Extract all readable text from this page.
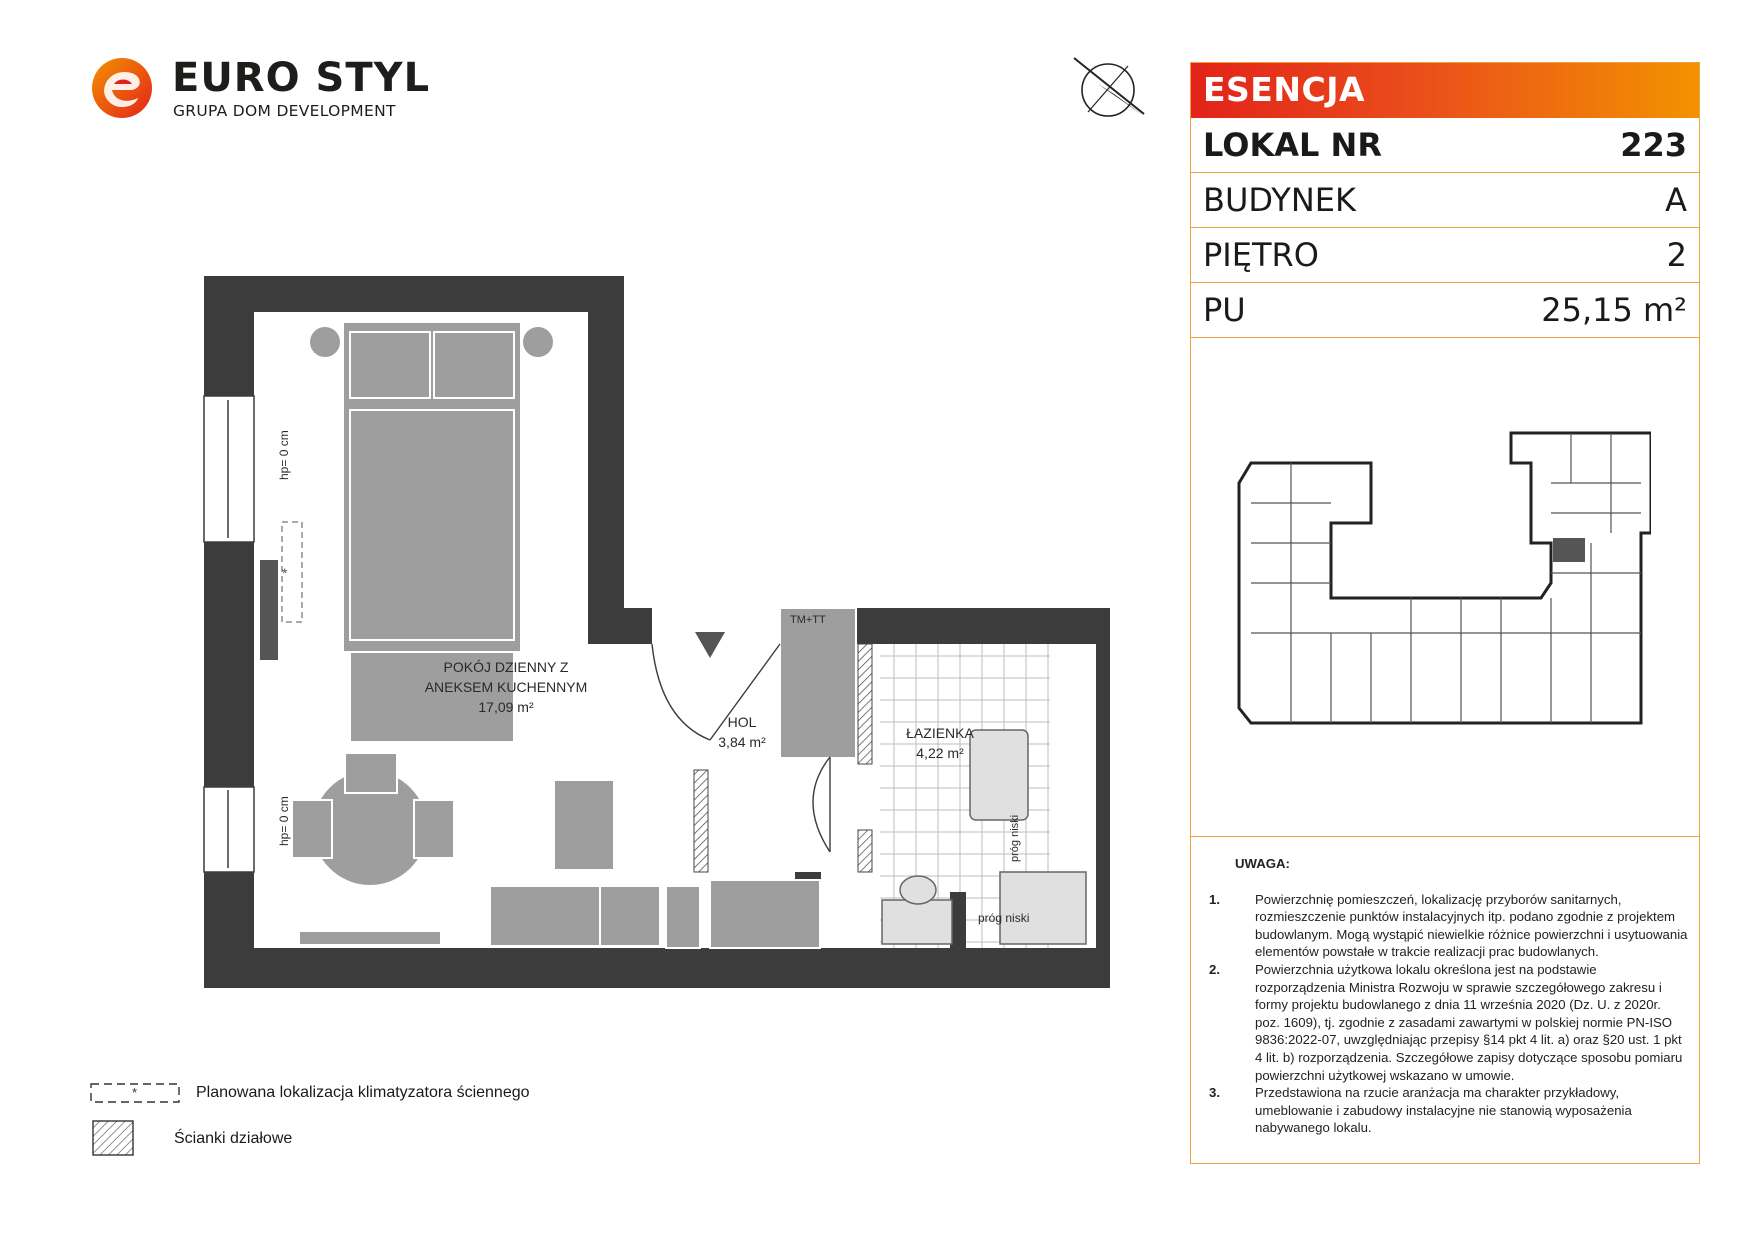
EURO STYL
GRUPA DOM DEVELOPMENT
ESENCJA
LOKAL NR	223
BUDYNEK	A
PIĘTRO	2
PU	25,15 m²
UWAGA:
1.	Powierzchnię pomieszczeń, lokalizację przyborów sanitarnych, rozmieszczenie punktów instalacyjnych itp. podano zgodnie z projektem budowlanym. Mogą wystąpić niewielkie różnice powierzchni i usytuowania elementów powstałe w trakcie realizacji prac budowlanych.
2.	Powierzchnia użytkowa lokalu określona jest na podstawie rozporządzenia Ministra Rozwoju w sprawie szczegółowego zakresu i formy projektu budowlanego z dnia 11 września 2020 (Dz. U. z 2020r. poz. 1609), tj. zgodnie z zasadami zawartymi w polskiej normie PN-ISO 9836:2022-07, uwzględniając przepisy §14 pkt 4 lit. a) oraz §20 ust. 1 pkt 4 lit. b) rozporządzenia. Szczegółowe zapisy dotyczące sposobu pomiaru powierzchni użytkowej wskazano w umowie.
3.	Przedstawiona na rzucie aranżacja ma charakter przykładowy, umeblowanie i zabudowy instalacyjne nie stanowią wyposażenia nabywanego lokalu.
*
POKÓJ DZIENNY Z
ANEKSEM KUCHENNYM
17,09 m²
HOL
3,84 m²
ŁAZIENKA
4,22 m²
hp= 0 cm
hp= 0 cm
TM+TT
próg niski
próg niski
*	Planowana lokalizacja klimatyzatora ściennego
Ścianki działowe
